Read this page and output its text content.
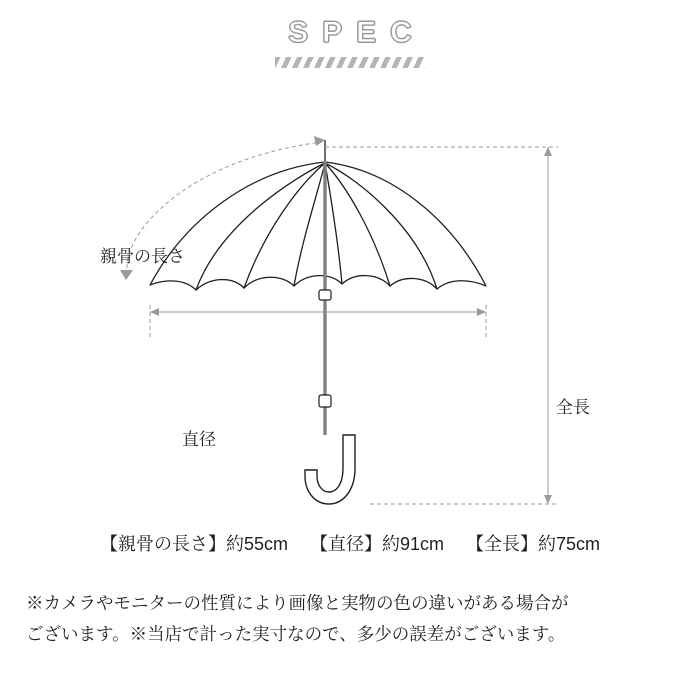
SPEC
親骨の長さ
直径
全長
【親骨の長さ】約55cm 【直径】約91cm 【全長】約75cm
※カメラやモニターの性質により画像と実物の色の違いがある場合が
ございます。※当店で計った実寸なので、多少の誤差がございます。
